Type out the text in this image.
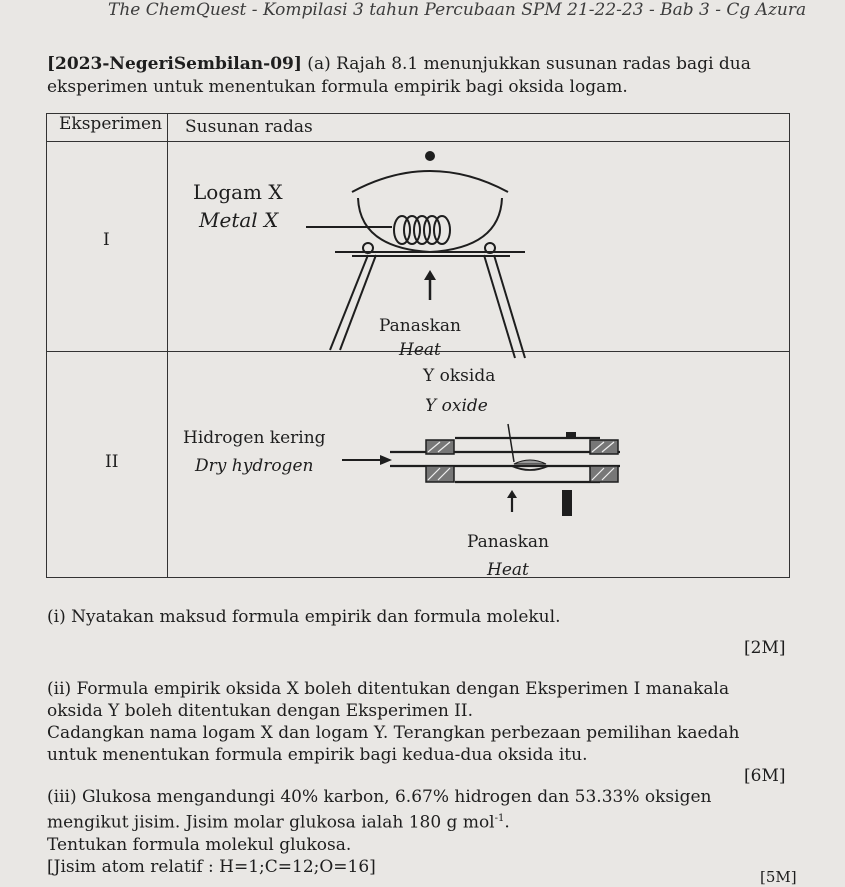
The ChemQuest - Kompilasi 3 tahun Percubaan SPM 21-22-23 - Bab 3 - Cg Azura
[2023-NegeriSembilan-09] (a) Rajah 8.1 menunjukkan susunan radas bagi dua
eksperimen untuk menentukan formula empirik bagi oksida logam.
Eksperimen Susunan radas
I
Logam X
Metal X
Panaskan
Heat
II
Y oksida
Y oxide
Hidrogen kering
Dry hydrogen
Panaskan
Heat
(i) Nyatakan maksud formula empirik dan formula molekul.
[2M]
(ii) Formula empirik oksida X boleh ditentukan dengan Eksperimen I manakala
oksida Y boleh ditentukan dengan Eksperimen II.
Cadangkan nama logam X dan logam Y. Terangkan perbezaan pemilihan kaedah
untuk menentukan formula empirik bagi kedua-dua oksida itu.
[6M]
(iii) Glukosa mengandungi 40% karbon, 6.67% hidrogen dan 53.33% oksigen
mengikut jisim. Jisim molar glukosa ialah 180 g mol$^{-1}$.
Tentukan formula molekul glukosa.
[Jisim atom relatif : H=1;C=12;O=16]
[5M]
